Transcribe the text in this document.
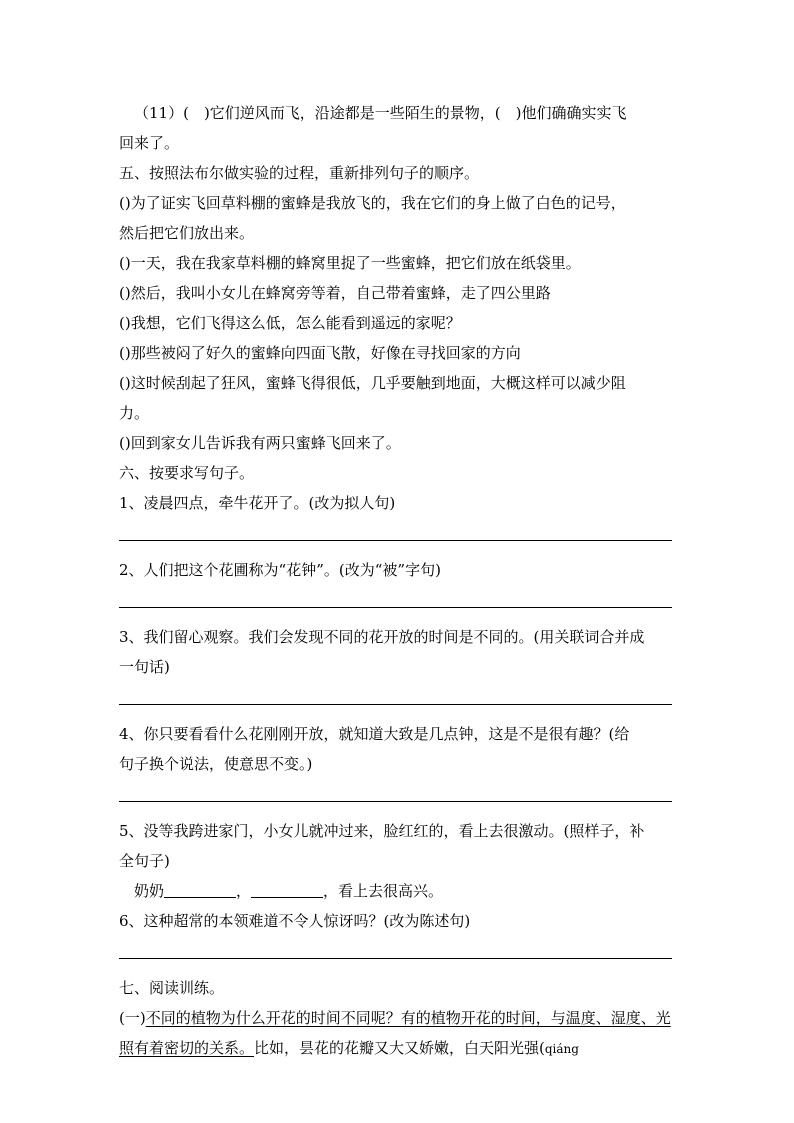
（11）(　)它们逆风而飞，沿途都是一些陌生的景物，(　)他们确确实实飞
回来了。
五、按照法布尔做实验的过程，重新排列句子的顺序。
()为了证实飞回草料棚的蜜蜂是我放飞的，我在它们的身上做了白色的记号，
然后把它们放出来。
()一天，我在我家草料棚的蜂窝里捉了一些蜜蜂，把它们放在纸袋里。
()然后，我叫小女儿在蜂窝旁等着，自己带着蜜蜂，走了四公里路
()我想，它们飞得这么低，怎么能看到遥远的家呢？
()那些被闷了好久的蜜蜂向四面飞散，好像在寻找回家的方向
()这时候刮起了狂风，蜜蜂飞得很低，几乎要触到地面，大概这样可以减少阻
力。
()回到家女儿告诉我有两只蜜蜂飞回来了。
六、按要求写句子。
1、凌晨四点，牵牛花开了。(改为拟人句)
2、人们把这个花圃称为“花钟”。(改为“被”字句)
3、我们留心观察。我们会发现不同的花开放的时间是不同的。(用关联词合并成
一句话)
4、你只要看看什么花刚刚开放，就知道大致是几点钟，这是不是很有趣？(给
句子换个说法，使意思不变。)
5、没等我跨进家门，小女儿就冲过来，脸红红的，看上去很激动。(照样子，补
全句子)
奶奶	，	，看上去很高兴。
6、这种超常的本领难道不令人惊讶吗？(改为陈述句)
七、阅读训练。
(一)不同的植物为什么开花的时间不同呢？有的植物开花的时间，与温度、湿度、光照有着密切的关系。比如，昙花的花瓣又大又娇嫩，白天阳光强(qiáng
